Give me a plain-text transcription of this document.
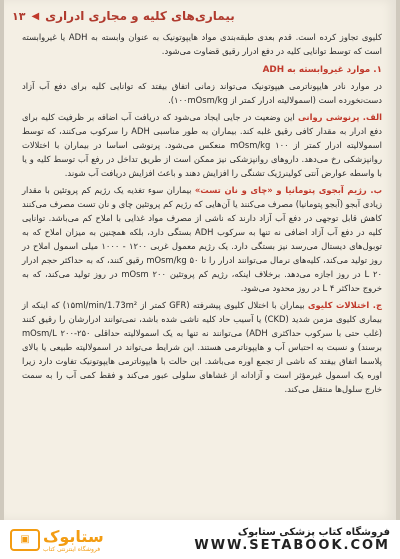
۱۳ ◀ بیماری‌های کلیه و مجاری ادراری

کلیوی تجاوز کرده است. قدم بعدی طبقه‌بندی مواد هایپوتونیک به عنوان وابسته به ADH یا غیروابسته است که توسط توانایی کلیه در دفع ادرار رقیق قضاوت می‌شود.

۱. موارد غیروابسته به ADH

در موارد نادر هایپوناترمی هیپوتونیک می‌تواند زمانی اتفاق بیفتد که توانایی کلیه برای دفع آب آزاد دست‌نخورده است (اسمولالیته ادرار کمتر از ۱۰۰mOsm/kg).

الف. پرنوشی روانی این وضعیت در جایی ایجاد می‌شود که دریافت آب اضافه بر ظرفیت کلیه برای دفع ادرار به مقدار کافی رقیق غلبه کند. بیماران به طور مناسبی ADH را سرکوب می‌کنند، که توسط اسمولالیته ادرار کمتر از ۱۰۰ mOsm/kg منعکس می‌شود. پرنوشی اساسا در بیماران با اختلالات روانپزشکی رخ می‌دهد. داروهای روانپزشکی نیز ممکن است از طریق تداخل در رفع آب توسط کلیه و یا با واسطه عوارض آنتی کولینرژیک تشنگی را افزایش دهند و باعث افزایش دریافت آب شوند.

ب. رژیم آبجوی پتومانیا و «چای و نان تست» بیماران سوء تغذیه یک رژیم کم پروتئین با مقدار زیادی آبجو (آبجو پتومانیا) مصرف می‌کنند یا آن‌هایی که رژیم کم پروتئین چای و نان تست مصرف می‌کنند کاهش قابل توجهی در دفع آب آزاد دارند که ناشی از مصرف مواد غذایی با املاح کم می‌باشد. توانایی کلیه در دفع آب آزاد اضافی نه تنها به سرکوب ADH بستگی دارد، بلکه همچنین به میزان املاح که به توبول‌های دیستال می‌رسد نیز بستگی دارد. یک رژیم معمول غربی ۱۲۰۰ - ۱۰۰۰ میلی اسمول املاح در روز تولید می‌کند، کلیه‌های نرمال می‌توانند ادرار را تا ۵۰ mOsm/kg رقیق کنند، که به حداکثر حجم ادرار ۲۰ L در روز اجازه می‌دهد. برخلاف اینکه، رژیم کم پروتئین ۲۰۰ mOsm در روز تولید می‌کند، که به خروج حداکثر ۴ L در روز محدود می‌شود.

ج. اختلالات کلیوی بیماران با اختلال کلیوی پیشرفته (GFR کمتر از ۱۵ml/min/1.73m²) که اینکه از بیماری کلیوی مزمن شدید (CKD) یا آسیب حاد کلیه ناشی شده باشد، نمی‌توانند ادرارشان را رقیق کنند (غلب حتی با سرکوب حداکثری ADH) می‌توانند نه تنها به یک اسمولالیته حداقلی ۲۵۰-۲۰۰ mOsm/L برسند) و نسبت به احتباس آب و هایپوناترمی هستند. این شرایط می‌تواند در اسمولالیته طبیعی یا بالای پلاسما اتفاق بیفتد که ناشی از تجمع اوره می‌باشد. این حالت با هایپوناترمی هایپوتونیک تفاوت دارد زیرا اوره یک اسمول غیرمؤثر است و آزادانه از غشاهای سلولی عبور می‌کند و فقط کمی آب را به سمت خارج سلول‌ها منتقل می‌کند.

▣ ستابوک
فروشگاه اینترنتی کتاب
فروشگاه کتاب پزشکی ستابوک
WWW.SETABOOK.COM
